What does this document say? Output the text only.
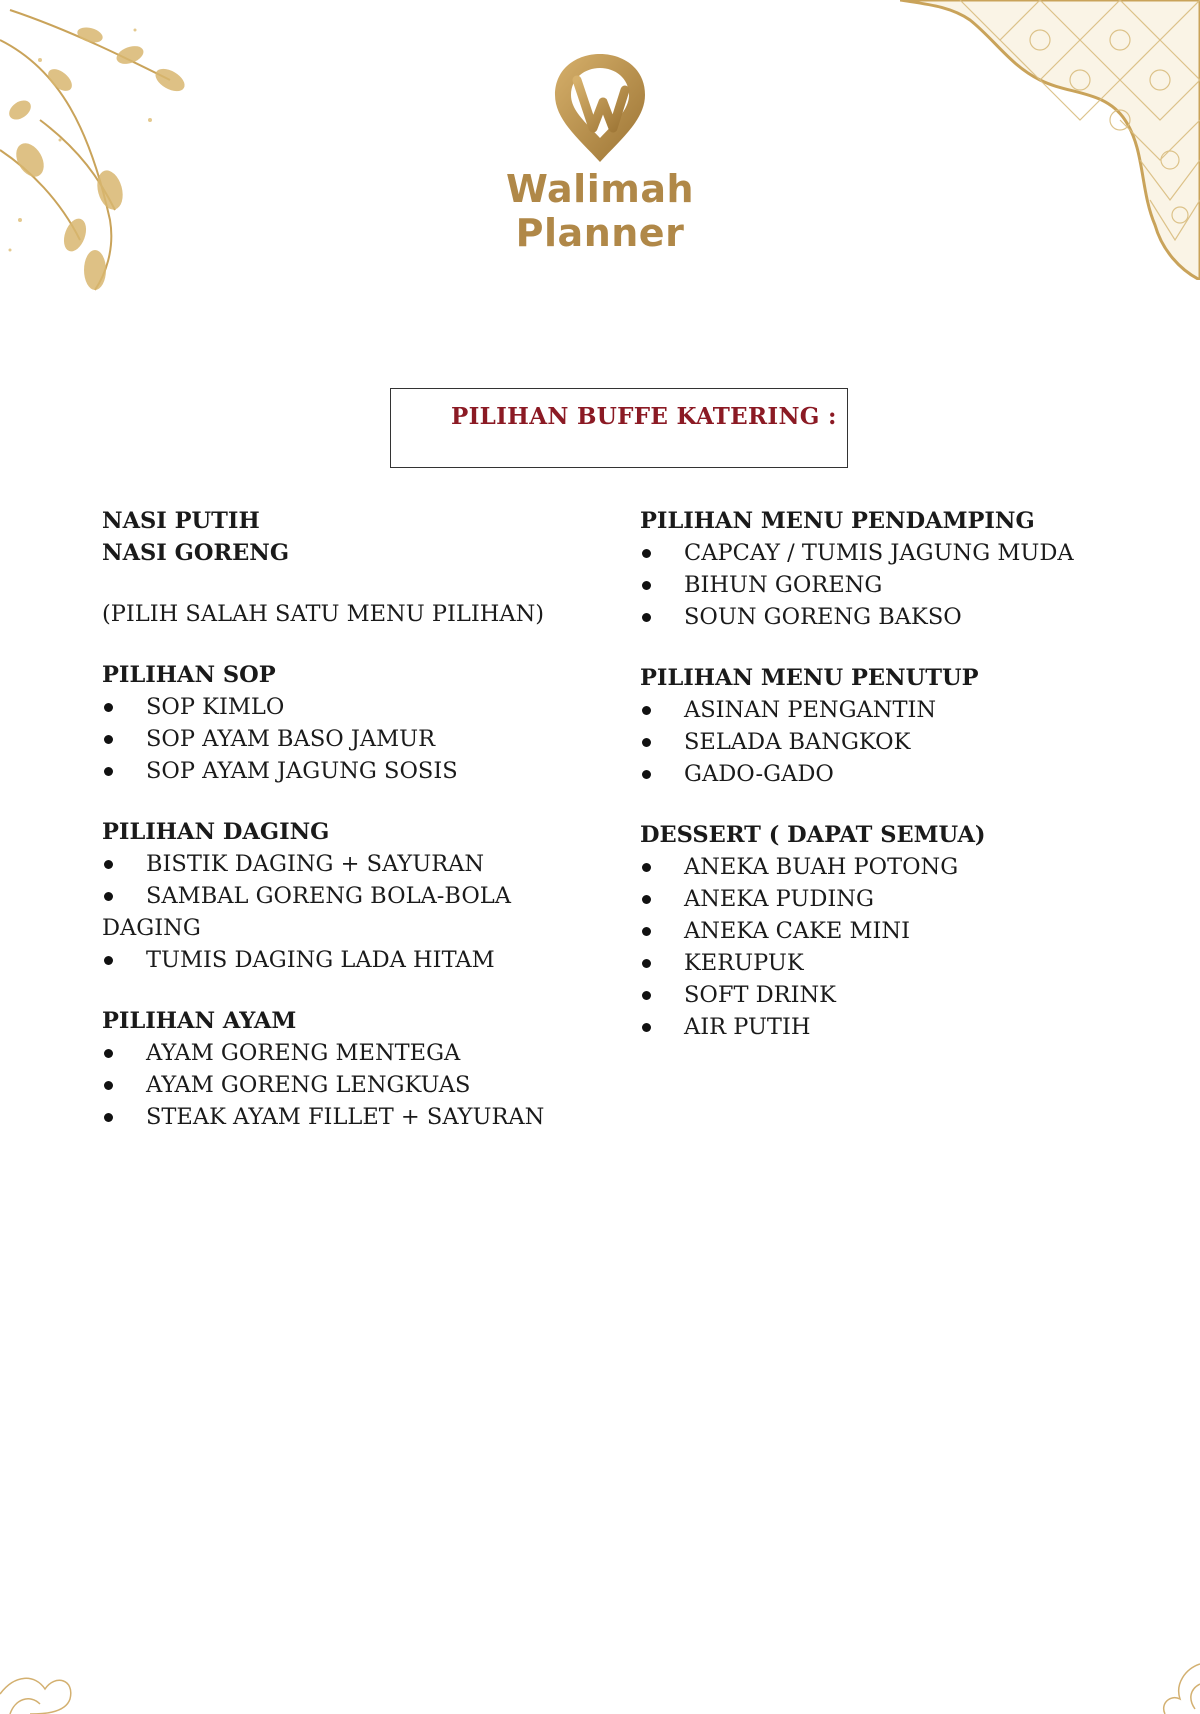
Walimah Planner
PILIHAN BUFFE KATERING :
NASI PUTIH
NASI GORENG
(PILIH SALAH SATU MENU PILIHAN)
PILIHAN SOP
SOP KIMLO
SOP AYAM BASO JAMUR
SOP AYAM JAGUNG SOSIS
PILIHAN DAGING
BISTIK DAGING + SAYURAN
SAMBAL GORENG BOLA-BOLA
DAGING
TUMIS DAGING LADA HITAM
PILIHAN AYAM
AYAM GORENG MENTEGA
AYAM GORENG LENGKUAS
STEAK AYAM FILLET + SAYURAN
PILIHAN MENU PENDAMPING
CAPCAY / TUMIS JAGUNG MUDA
BIHUN GORENG
SOUN GORENG BAKSO
PILIHAN MENU PENUTUP
ASINAN PENGANTIN
SELADA BANGKOK
GADO-GADO
DESSERT ( DAPAT SEMUA)
ANEKA BUAH POTONG
ANEKA PUDING
ANEKA CAKE MINI
KERUPUK
SOFT DRINK
AIR PUTIH
